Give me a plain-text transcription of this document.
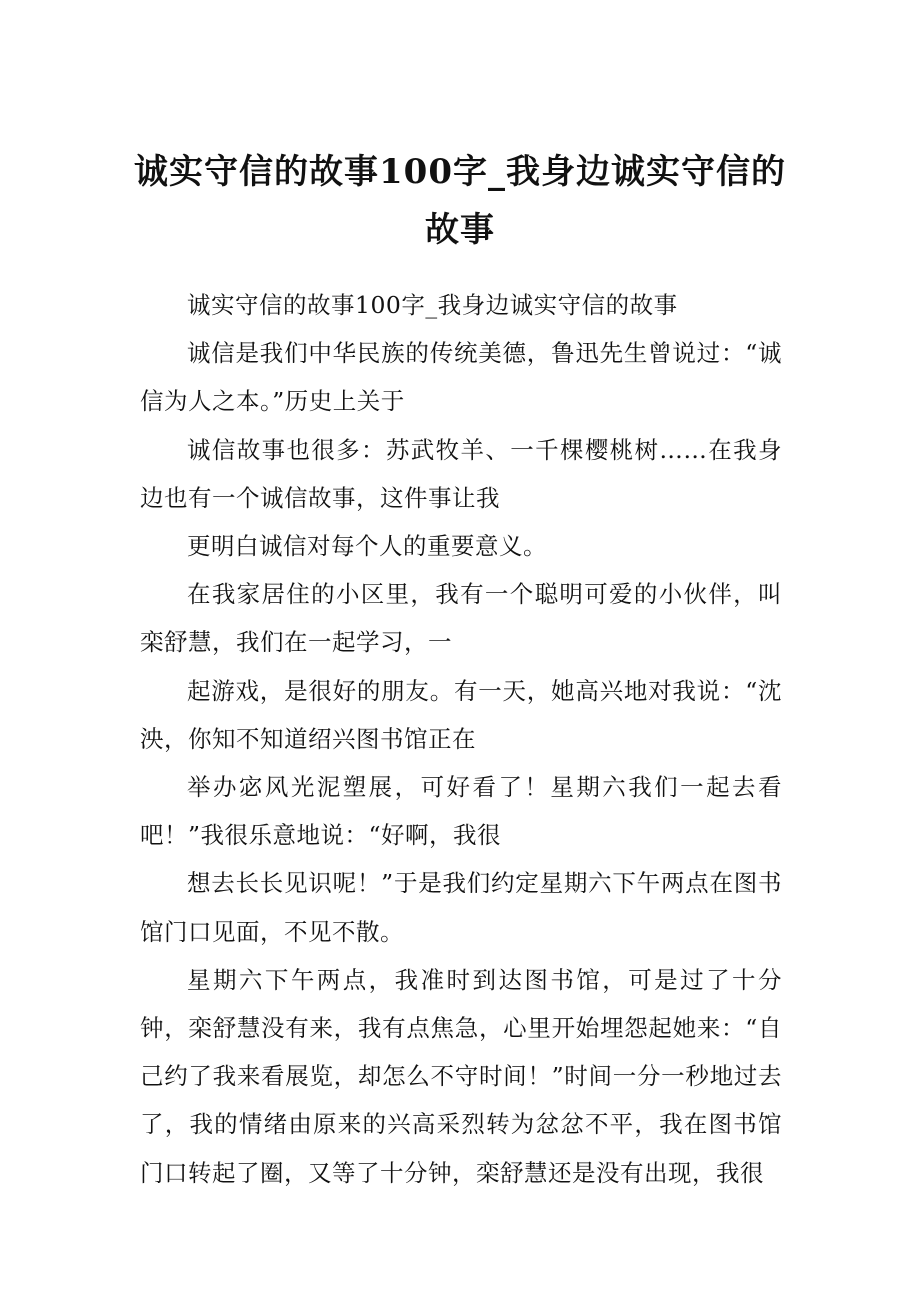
诚实守信的故事100字_我身边诚实守信的故事

诚实守信的故事100字_我身边诚实守信的故事

诚信是我们中华民族的传统美德，鲁迅先生曾说过：“诚信为人之本。”历史上关于

诚信故事也很多：苏武牧羊、一千棵樱桃树……在我身边也有一个诚信故事，这件事让我

更明白诚信对每个人的重要意义。

在我家居住的小区里，我有一个聪明可爱的小伙伴，叫栾舒慧，我们在一起学习，一

起游戏，是很好的朋友。有一天，她高兴地对我说：“沈泱，你知不知道绍兴图书馆正在

举办宓风光泥塑展，可好看了！星期六我们一起去看吧！”我很乐意地说：“好啊，我很

想去长长见识呢！”于是我们约定星期六下午两点在图书馆门口见面，不见不散。

星期六下午两点，我准时到达图书馆，可是过了十分钟，栾舒慧没有来，我有点焦急，心里开始埋怨起她来：“自己约了我来看展览，却怎么不守时间！”时间一分一秒地过去了，我的情绪由原来的兴高采烈转为忿忿不平，我在图书馆门口转起了圈，又等了十分钟，栾舒慧还是没有出现，我很
